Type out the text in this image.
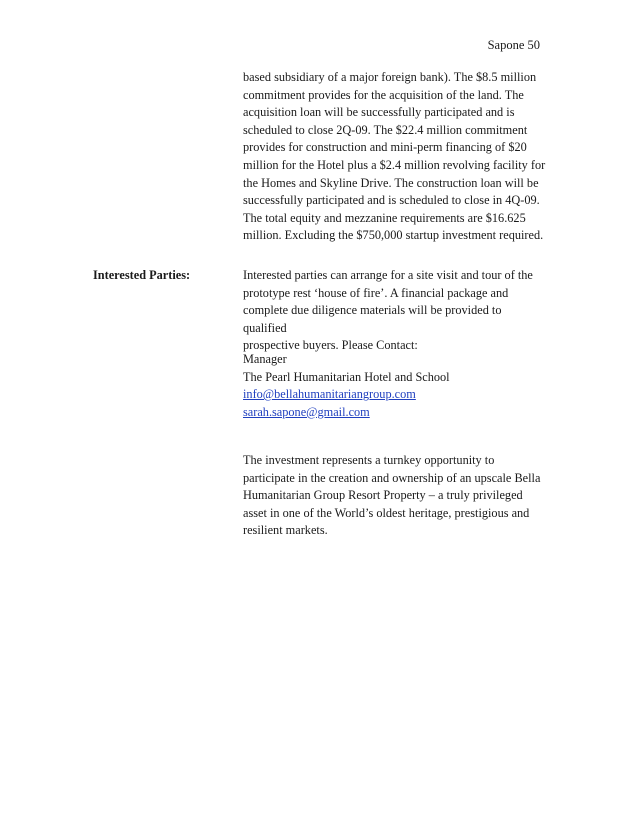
Sapone 50

based subsidiary of a major foreign bank). The $8.5 million

commitment provides for the acquisition of the land. The

acquisition loan will be successfully participated and is

scheduled to close 2Q-09. The $22.4 million commitment

provides for construction and mini-perm financing of $20

million for the Hotel plus a $2.4 million revolving facility for

the Homes and Skyline Drive. The construction loan will be

successfully participated and is scheduled to close in 4Q-09.

The total equity and mezzanine requirements are $16.625

million. Excluding the $750,000 startup investment required.

Interested Parties:	Interested parties can arrange for a site visit and tour of the

prototype rest ‘house of fire’. A financial package and

complete due diligence materials will be provided to qualified

prospective buyers. Please Contact:

Manager
The Pearl Humanitarian Hotel and School
info@bellahumanitariangroup.com
sarah.sapone@gmail.com

The investment represents a turnkey opportunity to

participate in the creation and ownership of an upscale Bella

Humanitarian Group Resort Property – a truly privileged

asset in one of the World’s oldest heritage, prestigious and

resilient markets.
